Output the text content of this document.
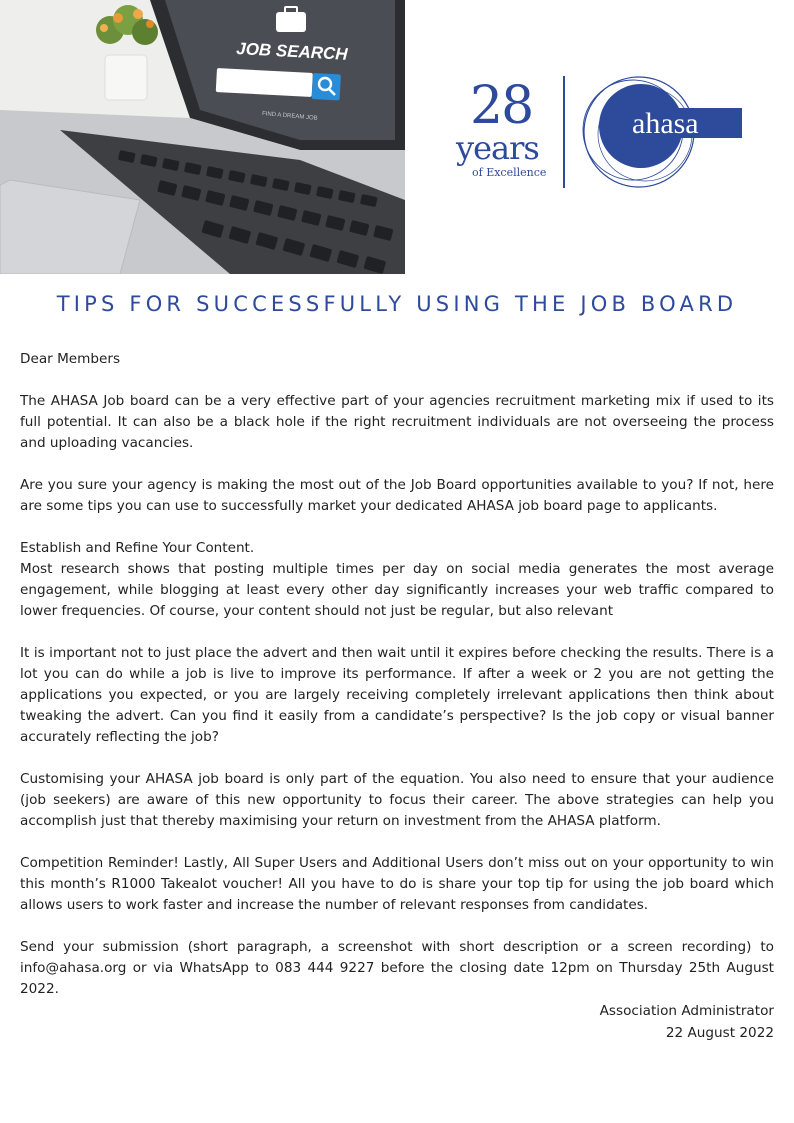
JOB SEARCH
FIND A DREAM JOB	28
years
of Excellence
ahasa
TIPS FOR SUCCESSFULLY USING THE JOB BOARD

Dear Members

The AHASA Job board can be a very effective part of your agencies recruitment marketing mix if used to its full potential. It can also be a black hole if the right recruitment individuals are not overseeing the process and uploading vacancies.

Are you sure your agency is making the most out of the Job Board opportunities available to you? If not, here are some tips you can use to successfully market your dedicated AHASA job board page to applicants.

Establish and Refine Your Content.

Most research shows that posting multiple times per day on social media generates the most average engagement, while blogging at least every other day significantly increases your web traffic compared to lower frequencies. Of course, your content should not just be regular, but also relevant

It is important not to just place the advert and then wait until it expires before checking the results. There is a lot you can do while a job is live to improve its performance. If after a week or 2 you are not getting the applications you expected, or you are largely receiving completely irrelevant applications then think about tweaking the advert. Can you find it easily from a candidate’s perspective? Is the job copy or visual banner accurately reflecting the job?

Customising your AHASA job board is only part of the equation. You also need to ensure that your audience (job seekers) are aware of this new opportunity to focus their career. The above strategies can help you accomplish just that thereby maximising your return on investment from the AHASA platform.

Competition Reminder! Lastly, All Super Users and Additional Users don’t miss out on your opportunity to win this month’s R1000 Takealot voucher! All you have to do is share your top tip for using the job board which allows users to work faster and increase the number of relevant responses from candidates.

Send your submission (short paragraph, a screenshot with short description or a screen recording) to info@ahasa.org or via WhatsApp to 083 444 9227 before the closing date 12pm on Thursday 25th August 2022.

Association Administrator
22 August 2022
